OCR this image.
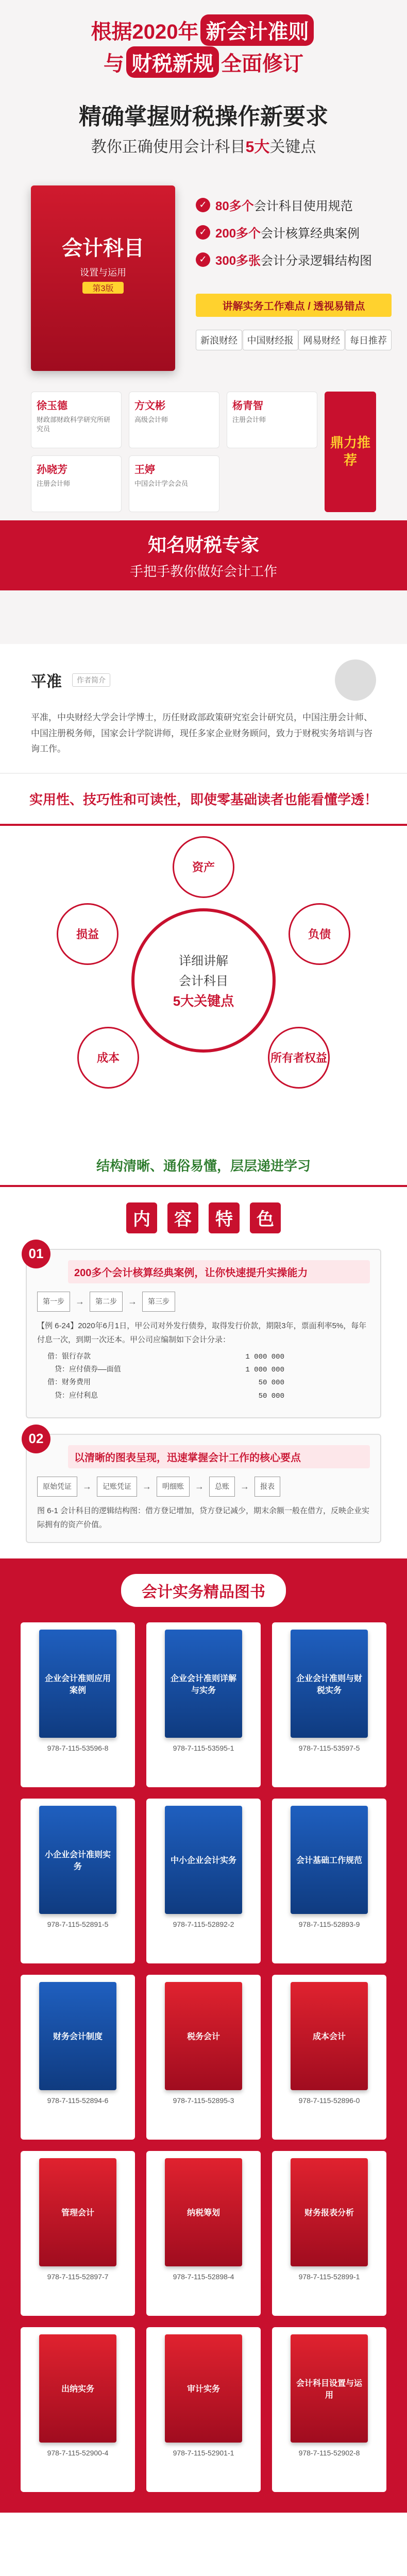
根据2020年 新会计准则
与 财税新规 全面修订
精确掌握财税操作新要求
教你正确使用会计科目5大关键点
会计科目
设置与运用
第3版
✓ 80多个 会计科目使用规范
✓ 200多个 会计核算经典案例
✓ 300多张 会计分录逻辑结构图
讲解实务工作难点 / 透视易错点
新浪财经	中国财经报	网易财经	每日推荐
徐玉德
财政部财政科学研究所研究员
方文彬
高级会计师
杨青智
注册会计师
鼎力推荐
孙晓芳
注册会计师
王婷
中国会计学会会员
知名财税专家
手把手教你做好会计工作
平准	作者简介
平准，中央财经大学会计学博士，历任财政部政策研究室会计研究员，中国注册会计师、中国注册税务师，国家会计学院讲师，现任多家企业财务顾问，致力于财税实务培训与咨询工作。
实用性、技巧性和可读性，即使零基础读者也能看懂学透！
详细讲解
会计科目
5大关键点
资产
负债
所有者权益
成本
损益
结构清晰、通俗易懂，层层递进学习
内	容	特	色
01
200多个会计核算经典案例，让你快速提升实操能力
第一步	→	第二步	→	第三步

【例 6-24】2020年6月1日，甲公司对外发行债券，取得发行价款，期限3年，票面利率5%，每年付息一次，到期一次还本。甲公司应编制如下会计分录：

借：银行存款	1 000 000
　贷：应付债券——面值	1 000 000
借：财务费用	50 000
　贷：应付利息	50 000
02
以清晰的图表呈现，迅速掌握会计工作的核心要点
原始凭证	→	记账凭证	→	明细账	→	总账	→	报表

图 6-1 会计科目的逻辑结构图：借方登记增加，贷方登记减少，期末余额一般在借方，反映企业实际拥有的资产价值。

会计实务精品图书
企业会计准则应用案例
978-7-115-53596-8
企业会计准则详解与实务
978-7-115-53595-1
企业会计准则与财税实务
978-7-115-53597-5
小企业会计准则实务
978-7-115-52891-5
中小企业会计实务
978-7-115-52892-2
会计基础工作规范
978-7-115-52893-9
财务会计制度
978-7-115-52894-6
税务会计
978-7-115-52895-3
成本会计
978-7-115-52896-0
管理会计
978-7-115-52897-7
纳税筹划
978-7-115-52898-4
财务报表分析
978-7-115-52899-1
出纳实务
978-7-115-52900-4
审计实务
978-7-115-52901-1
会计科目设置与运用
978-7-115-52902-8
